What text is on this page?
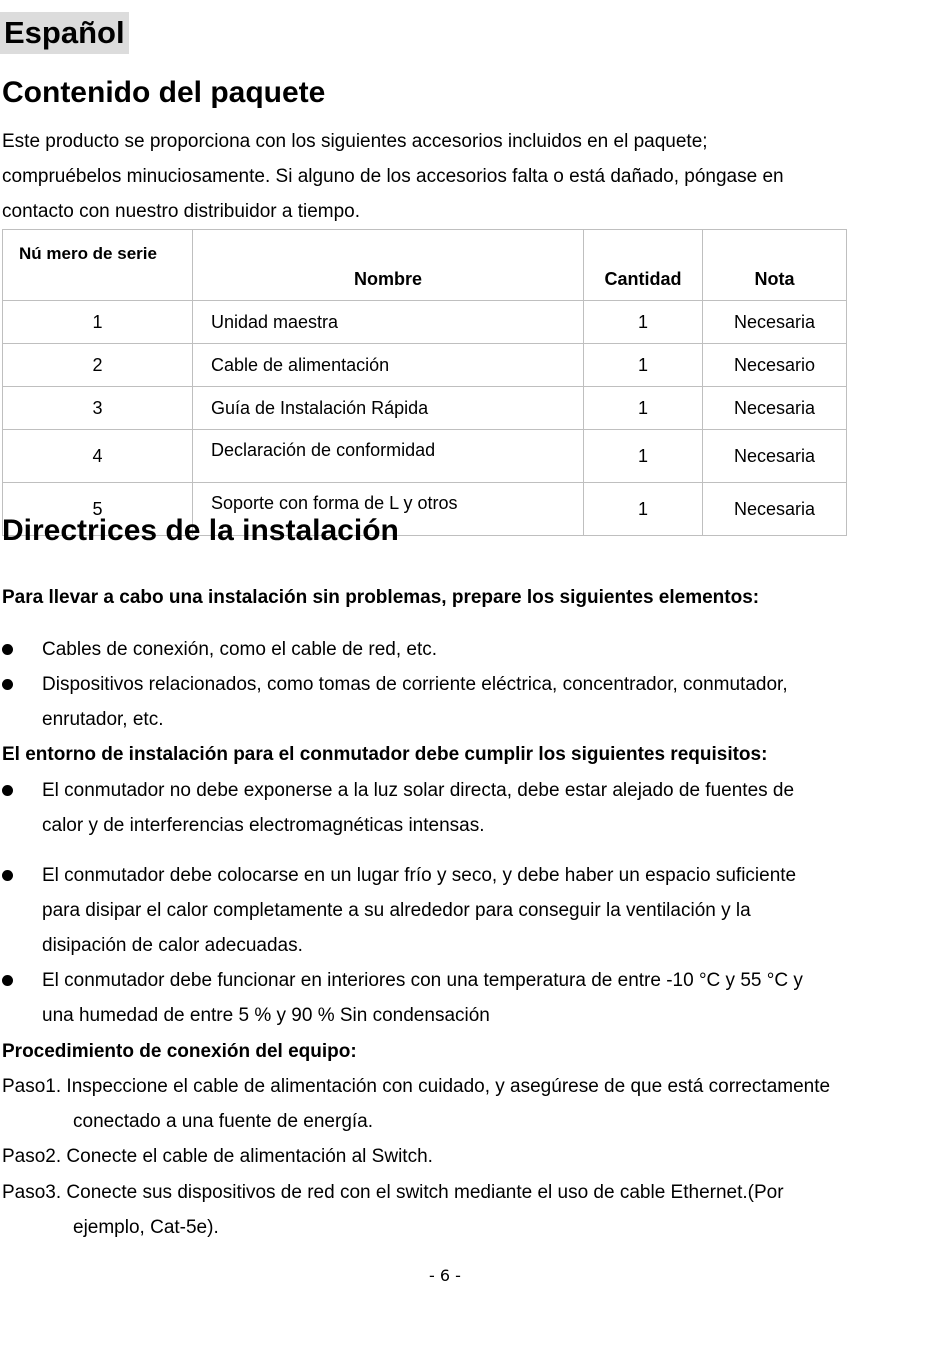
Español
Contenido del paquete
Este producto se proporciona con los siguientes accesorios incluidos en el paquete;
compruébelos minuciosamente. Si alguno de los accesorios falta o está dañado, póngase en
contacto con nuestro distribuidor a tiempo.
Nú mero de serie	Nombre	Cantidad	Nota
1	Unidad maestra	1	Necesaria
2	Cable de alimentación	1	Necesario
3	Guía de Instalación Rápida	1	Necesaria
4	Declaración de conformidad	1	Necesaria
5	Soporte con forma de L y otros	1	Necesaria
Directrices de la instalación
Para llevar a cabo una instalación sin problemas, prepare los siguientes elementos:
Cables de conexión, como el cable de red, etc.
Dispositivos relacionados, como tomas de corriente eléctrica, concentrador, conmutador,
enrutador, etc.
El entorno de instalación para el conmutador debe cumplir los siguientes requisitos:
El conmutador no debe exponerse a la luz solar directa, debe estar alejado de fuentes de
calor y de interferencias electromagnéticas intensas.
El conmutador debe colocarse en un lugar frío y seco, y debe haber un espacio suficiente
para disipar el calor completamente a su alrededor para conseguir la ventilación y la
disipación de calor adecuadas.
El conmutador debe funcionar en interiores con una temperatura de entre -10 °C y 55 °C y
una humedad de entre 5 % y 90 % Sin condensación
Procedimiento de conexión del equipo:
Paso1. Inspeccione el cable de alimentación con cuidado, y asegúrese de que está correctamente
conectado a una fuente de energía.
Paso2. Conecte el cable de alimentación al Switch.
Paso3. Conecte sus dispositivos de red con el switch mediante el uso de cable Ethernet.(Por
ejemplo, Cat-5e).
- 6 -
